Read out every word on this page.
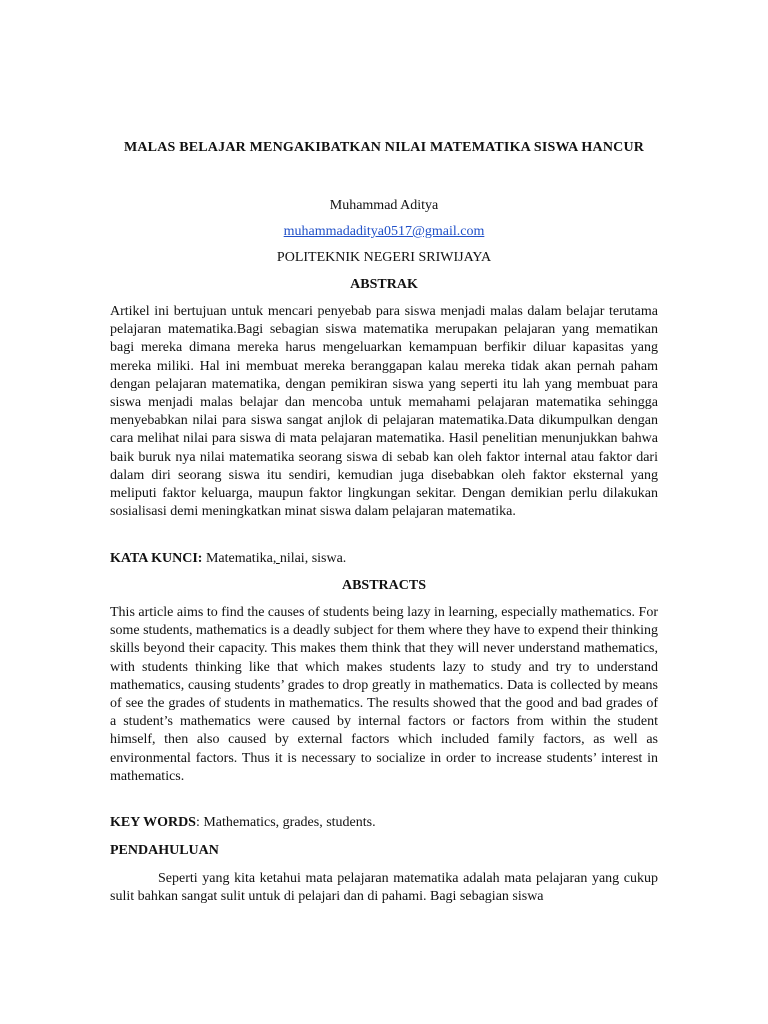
MALAS BELAJAR MENGAKIBATKAN NILAI MATEMATIKA SISWA HANCUR
Muhammad Aditya
muhammadaditya0517@gmail.com
POLITEKNIK NEGERI SRIWIJAYA
ABSTRAK

Artikel ini bertujuan untuk mencari penyebab para siswa menjadi malas dalam belajar terutama pelajaran matematika.Bagi sebagian siswa matematika merupakan pelajaran yang mematikan bagi mereka dimana mereka harus mengeluarkan kemampuan berfikir diluar kapasitas yang mereka miliki. Hal ini membuat mereka beranggapan kalau mereka tidak akan pernah paham dengan pelajaran matematika, dengan pemikiran siswa yang seperti itu lah yang membuat para siswa menjadi malas belajar dan mencoba untuk memahami pelajaran matematika sehingga menyebabkan nilai para siswa sangat anjlok di pelajaran matematika.Data dikumpulkan dengan cara melihat nilai para siswa di mata pelajaran matematika. Hasil penelitian menunjukkan bahwa baik buruk nya nilai matematika seorang siswa di sebab kan oleh faktor internal atau faktor dari dalam diri seorang siswa itu sendiri, kemudian juga disebabkan oleh faktor eksternal yang meliputi faktor keluarga, maupun faktor lingkungan sekitar. Dengan demikian perlu dilakukan sosialisasi demi meningkatkan minat siswa dalam pelajaran matematika.

KATA KUNCI: Matematika, nilai, siswa.

ABSTRACTS

This article aims to find the causes of students being lazy in learning, especially mathematics. For some students, mathematics is a deadly subject for them where they have to expend their thinking skills beyond their capacity. This makes them think that they will never understand mathematics, with students thinking like that which makes students lazy to study and try to understand mathematics, causing students’ grades to drop greatly in mathematics. Data is collected by means of see the grades of students in mathematics. The results showed that the good and bad grades of a student’s mathematics were caused by internal factors or factors from within the student himself, then also caused by external factors which included family factors, as well as environmental factors. Thus it is necessary to socialize in order to increase students’ interest in mathematics.

KEY WORDS: Mathematics, grades, students.

PENDAHULUAN

Seperti yang kita ketahui mata pelajaran matematika adalah mata pelajaran yang cukup sulit bahkan sangat sulit untuk di pelajari dan di pahami. Bagi sebagian siswa
